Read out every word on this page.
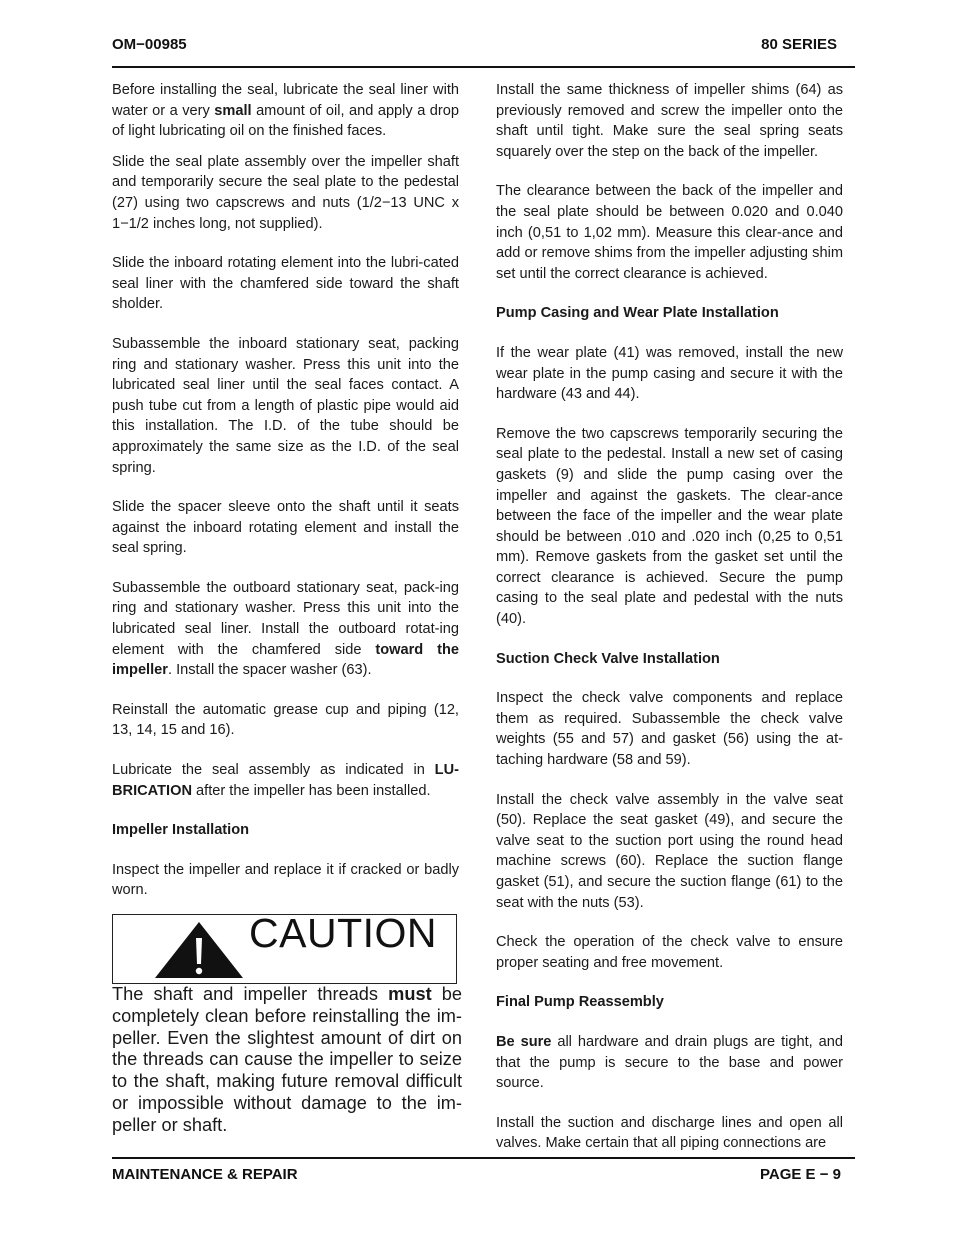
OM−00985	80 SERIES

Before installing the seal, lubricate the seal liner with water or a very small amount of oil, and apply a drop of light lubricating oil on the finished faces.

Slide the seal plate assembly over the impeller shaft and temporarily secure the seal plate to the pedestal (27) using two capscrews and nuts (1/2−13 UNC x 1−1/2 inches long, not supplied).

Slide the inboard rotating element into the lubri-cated seal liner with the chamfered side toward the shaft sholder.

Subassemble the inboard stationary seat, packing ring and stationary washer. Press this unit into the lubricated seal liner until the seal faces contact. A push tube cut from a length of plastic pipe would aid this installation. The I.D. of the tube should be approximately the same size as the I.D. of the seal spring.

Slide the spacer sleeve onto the shaft until it seats against the inboard rotating element and install the seal spring.

Subassemble the outboard stationary seat, pack-ing ring and stationary washer. Press this unit into the lubricated seal liner. Install the outboard rotat-ing element with the chamfered side toward the impeller. Install the spacer washer (63).

Reinstall the automatic grease cup and piping (12, 13, 14, 15 and 16).

Lubricate the seal assembly as indicated in LU-BRICATION after the impeller has been installed.

Impeller Installation

Inspect the impeller and replace it if cracked or badly worn.

CAUTION

The shaft and impeller threads must be completely clean before reinstalling the im-peller. Even the slightest amount of dirt on the threads can cause the impeller to seize to the shaft, making future removal difficult or impossible without damage to the im-peller or shaft.

Install the same thickness of impeller shims (64) as previously removed and screw the impeller onto the shaft until tight. Make sure the seal spring seats squarely over the step on the back of the impeller.

The clearance between the back of the impeller and the seal plate should be between 0.020 and 0.040 inch (0,51 to 1,02 mm). Measure this clear-ance and add or remove shims from the impeller adjusting shim set until the correct clearance is achieved.

Pump Casing and Wear Plate Installation

If the wear plate (41) was removed, install the new wear plate in the pump casing and secure it with the hardware (43 and 44).

Remove the two capscrews temporarily securing the seal plate to the pedestal. Install a new set of casing gaskets (9) and slide the pump casing over the impeller and against the gaskets. The clear-ance between the face of the impeller and the wear plate should be between .010 and .020 inch (0,25 to 0,51 mm). Remove gaskets from the gasket set until the correct clearance is achieved. Secure the pump casing to the seal plate and pedestal with the nuts (40).

Suction Check Valve Installation

Inspect the check valve components and replace them as required. Subassemble the check valve weights (55 and 57) and gasket (56) using the at-taching hardware (58 and 59).

Install the check valve assembly in the valve seat (50). Replace the seat gasket (49), and secure the valve seat to the suction port using the round head machine screws (60). Replace the suction flange gasket (51), and secure the suction flange (61) to the seat with the nuts (53).

Check the operation of the check valve to ensure proper seating and free movement.

Final Pump Reassembly

Be sure all hardware and drain plugs are tight, and that the pump is secure to the base and power source.

Install the suction and discharge lines and open all valves. Make certain that all piping connections are

MAINTENANCE & REPAIR	PAGE E − 9
